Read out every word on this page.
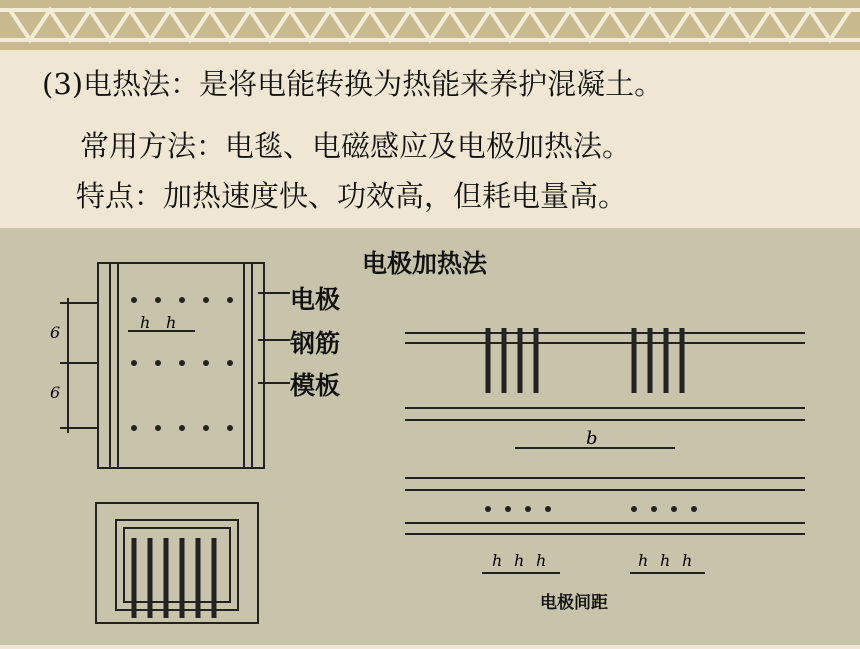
(3)电热法：是将电能转换为热能来养护混凝土。
常用方法：电毯、电磁感应及电极加热法。
特点：加热速度快、功效高，但耗电量高。
h h
b
6
6
h h h	h h h
电极加热法
电极
钢筋
模板
电极间距
